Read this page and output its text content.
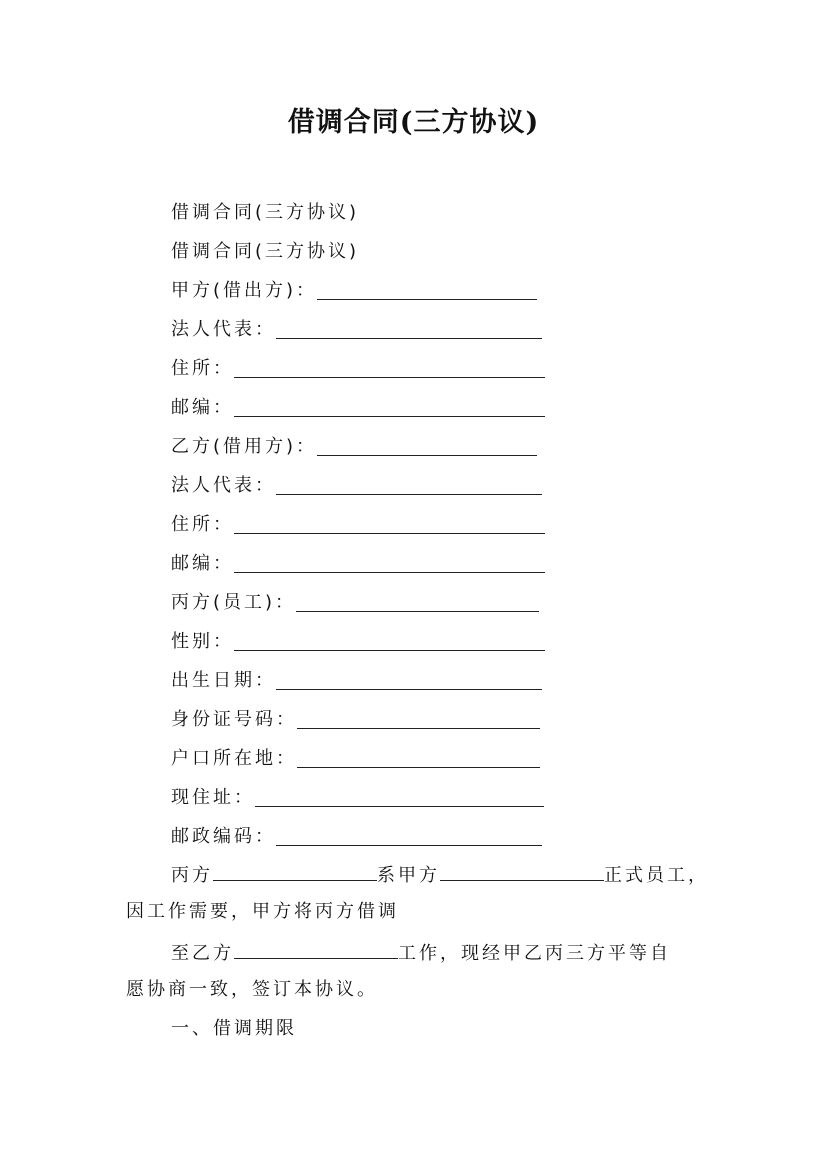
借调合同(三方协议)
借调合同(三方协议)
借调合同(三方协议)
甲方(借出方)：
法人代表：
住所：
邮编：
乙方(借用方)：
法人代表：
住所：
邮编：
丙方(员工)：
性别：
出生日期：
身份证号码：
户口所在地：
现住址：
邮政编码：
丙方	系甲方	正式员工，
因工作需要，甲方将丙方借调
至乙方	工作，现经甲乙丙三方平等自
愿协商一致，签订本协议。
一、借调期限
